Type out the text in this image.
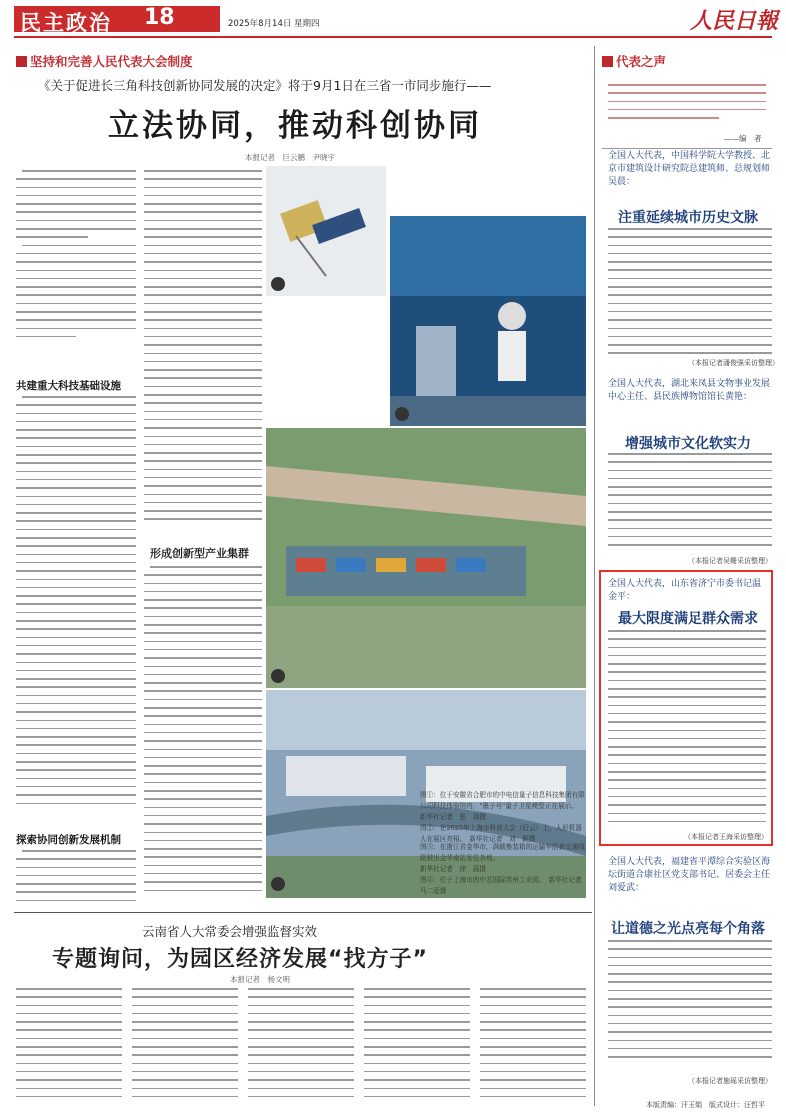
民主政治 18	2025年8月14日 星期四	人民日報
坚持和完善人民代表大会制度
《关于促进长三角科技创新协同发展的决定》将于9月1日在三省一市同步施行——
立法协同，推动科创协同
本报记者　巨云鹏　尹晓宇
共建重大科技基础设施
探索协同创新发展机制
形成创新型产业集群
图①：位于安徽省合肥市的中电信量子信息科技集团有限公司科技体验馆内，"墨子号"量子卫星模型正在展示。　新华社记者　张　端摄
图②：在2025年上海市科创大会（后云）上，人形机器人在展区亮相。　新华社记者　刘　颖摄
图③：在浙江省金华市，满载集装箱的运输车沿着交通线路驶出金华南站发往各地。
新华社记者　徐　晨摄
图④：位于上海市的中芯国际苏州工业园。　新华社记者　马二爱摄
云南省人大常委会增强监督实效
专题询问，为园区经济发展“找方子”
本报记者　杨文明
代表之声
——编　者
全国人大代表，中国科学院大学教授、北京市建筑设计研究院总建筑师、总规划师吴晨：
注重延续城市历史文脉
（本报记者潘俊强采访整理）
全国人大代表，湖北来凤县文物事业发展中心主任、县民族博物馆馆长黄艳：
增强城市文化软实力
（本报记者吴姗采访整理）
全国人大代表，山东省济宁市委书记温金平：
最大限度满足群众需求
（本报记者王海采访整理）
全国人大代表，福建省平潭综合实验区海坛街道合康社区党支部书记、居委会主任刘爱武：
让道德之光点亮每个角落
（本报记者施瑶采访整理）
本版责编：汗玉娟　版式设计：汪哲平
